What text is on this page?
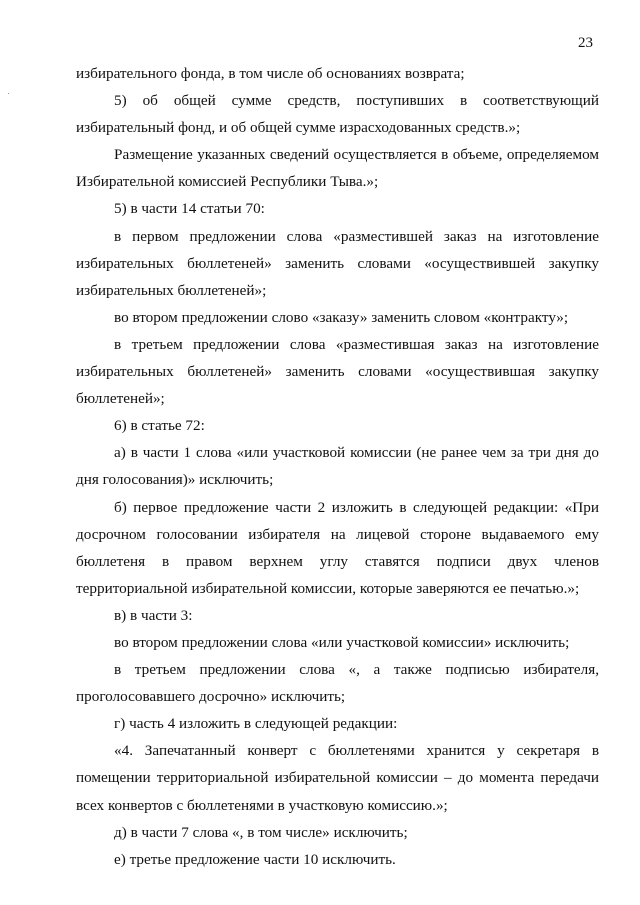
23

избирательного фонда, в том числе об основаниях возврата;

5) об общей сумме средств, поступивших в соответствующий

избирательный фонд, и об общей сумме израсходованных средств.»;

Размещение указанных сведений осуществляется в объеме, определяемом

Избирательной комиссией Республики Тыва.»;

5) в части 14 статьи 70:

в первом предложении слова «разместившей заказ на изготовление

избирательных бюллетеней» заменить словами «осуществившей закупку

избирательных бюллетеней»;

во втором предложении слово «заказу» заменить словом «контракту»;

в третьем предложении слова «разместившая заказ на изготовление

избирательных бюллетеней» заменить словами «осуществившая закупку

бюллетеней»;

6) в статье 72:

а) в части 1 слова «или участковой комиссии (не ранее чем за три дня до

дня голосования)» исключить;

б) первое предложение части 2 изложить в следующей редакции: «При

досрочном голосовании избирателя на лицевой стороне выдаваемого ему

бюллетеня в правом верхнем углу ставятся подписи двух членов

территориальной избирательной комиссии, которые заверяются ее печатью.»;

в) в части 3:

во втором предложении слова «или участковой комиссии» исключить;

в третьем предложении слова «, а также подписью избирателя,

проголосовавшего досрочно» исключить;

г) часть 4 изложить в следующей редакции:

«4. Запечатанный конверт с бюллетенями хранится у секретаря в

помещении территориальной избирательной комиссии – до момента передачи

всех конвертов с бюллетенями в участковую комиссию.»;

д) в части 7 слова «, в том числе» исключить;

е) третье предложение части 10 исключить.
